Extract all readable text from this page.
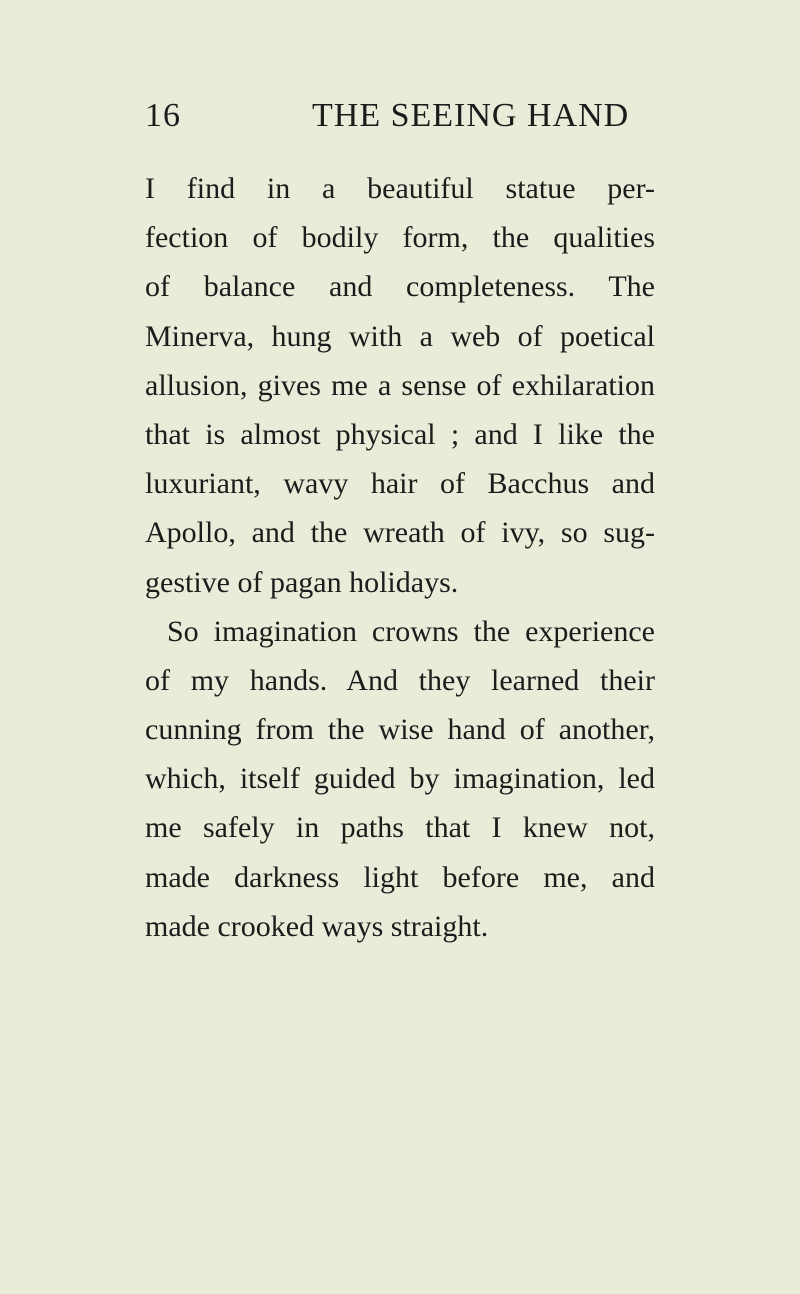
16	THE SEEING HAND
I find in a beautiful statue per-
fection of bodily form, the qualities
of balance and completeness. The
Minerva, hung with a web of poetical
allusion, gives me a sense of exhilaration
that is almost physical ; and I like the
luxuriant, wavy hair of Bacchus and
Apollo, and the wreath of ivy, so sug-
gestive of pagan holidays.
So imagination crowns the experience
of my hands. And they learned their
cunning from the wise hand of another,
which, itself guided by imagination, led
me safely in paths that I knew not,
made darkness light before me, and
made crooked ways straight.
